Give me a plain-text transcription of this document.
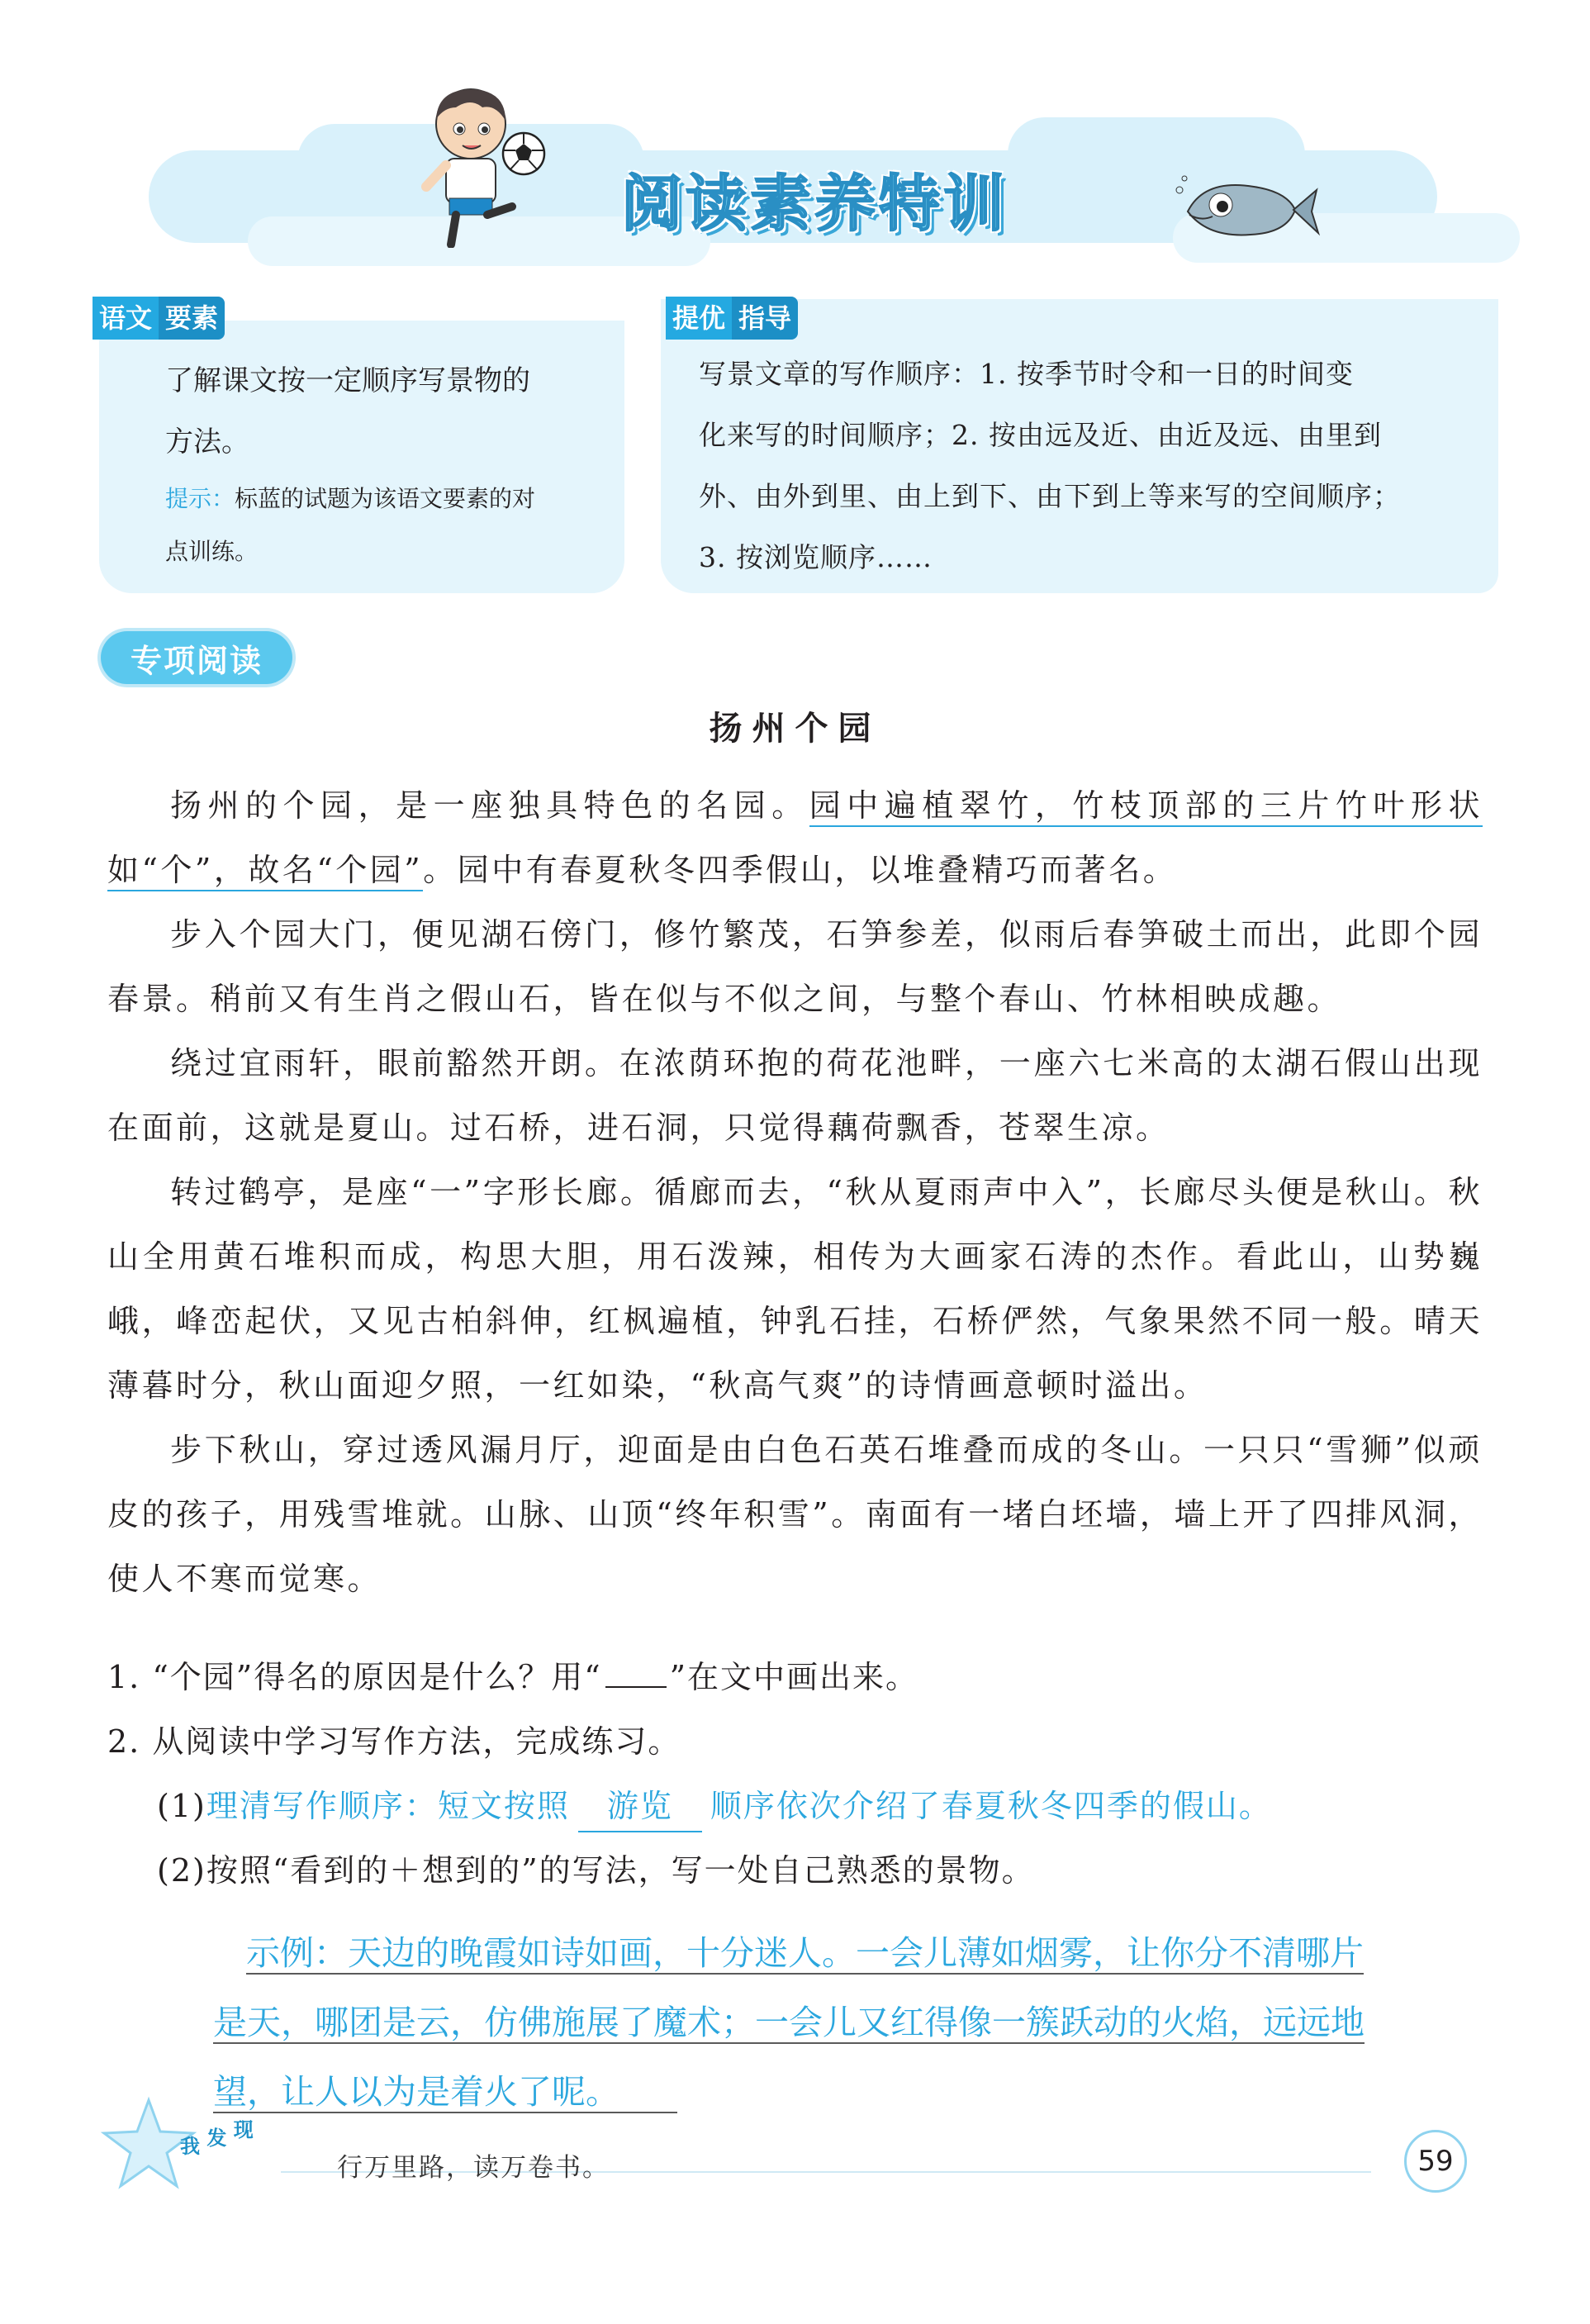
阅读素养特训
语文 要素
了解课文按一定顺序写景物的
方法。
提示：标蓝的试题为该语文要素的对
点训练。
提优 指导
写景文章的写作顺序：1. 按季节时令和一日的时间变
化来写的时间顺序；2. 按由远及近、由近及远、由里到
外、由外到里、由上到下、由下到上等来写的空间顺序；
3. 按浏览顺序……
专项阅读
扬州个园

扬州的个园，是一座独具特色的名园。园中遍植翠竹，竹枝顶部的三片竹叶形状如“个”，故名“个园”。园中有春夏秋冬四季假山，以堆叠精巧而著名。

步入个园大门，便见湖石傍门，修竹繁茂，石笋参差，似雨后春笋破土而出，此即个园春景。稍前又有生肖之假山石，皆在似与不似之间，与整个春山、竹林相映成趣。

绕过宜雨轩，眼前豁然开朗。在浓荫环抱的荷花池畔，一座六七米高的太湖石假山出现在面前，这就是夏山。过石桥，进石洞，只觉得藕荷飘香，苍翠生凉。

转过鹤亭，是座“一”字形长廊。循廊而去，“秋从夏雨声中入”，长廊尽头便是秋山。秋山全用黄石堆积而成，构思大胆，用石泼辣，相传为大画家石涛的杰作。看此山，山势巍峨，峰峦起伏，又见古柏斜伸，红枫遍植，钟乳石挂，石桥俨然，气象果然不同一般。晴天薄暮时分，秋山面迎夕照，一红如染，“秋高气爽”的诗情画意顿时溢出。

步下秋山，穿过透风漏月厅，迎面是由白色石英石堆叠而成的冬山。一只只“雪狮”似顽皮的孩子，用残雪堆就。山脉、山顶“终年积雪”。南面有一堵白坯墙，墙上开了四排风洞，使人不寒而觉寒。

1. “个园”得名的原因是什么？用“ ”在文中画出来。
2. 从阅读中学习写作方法，完成练习。
(1)理清写作顺序：短文按照 游览 顺序依次介绍了春夏秋冬四季的假山。
(2)按照“看到的＋想到的”的写法，写一处自己熟悉的景物。
示例：天边的晚霞如诗如画，十分迷人。一会儿薄如烟雾，让你分不清哪片
是天，哪团是云，仿佛施展了魔术；一会儿又红得像一簇跃动的火焰，远远地
望，让人以为是着火了呢。
我 发 现
行万里路，读万卷书。	59
